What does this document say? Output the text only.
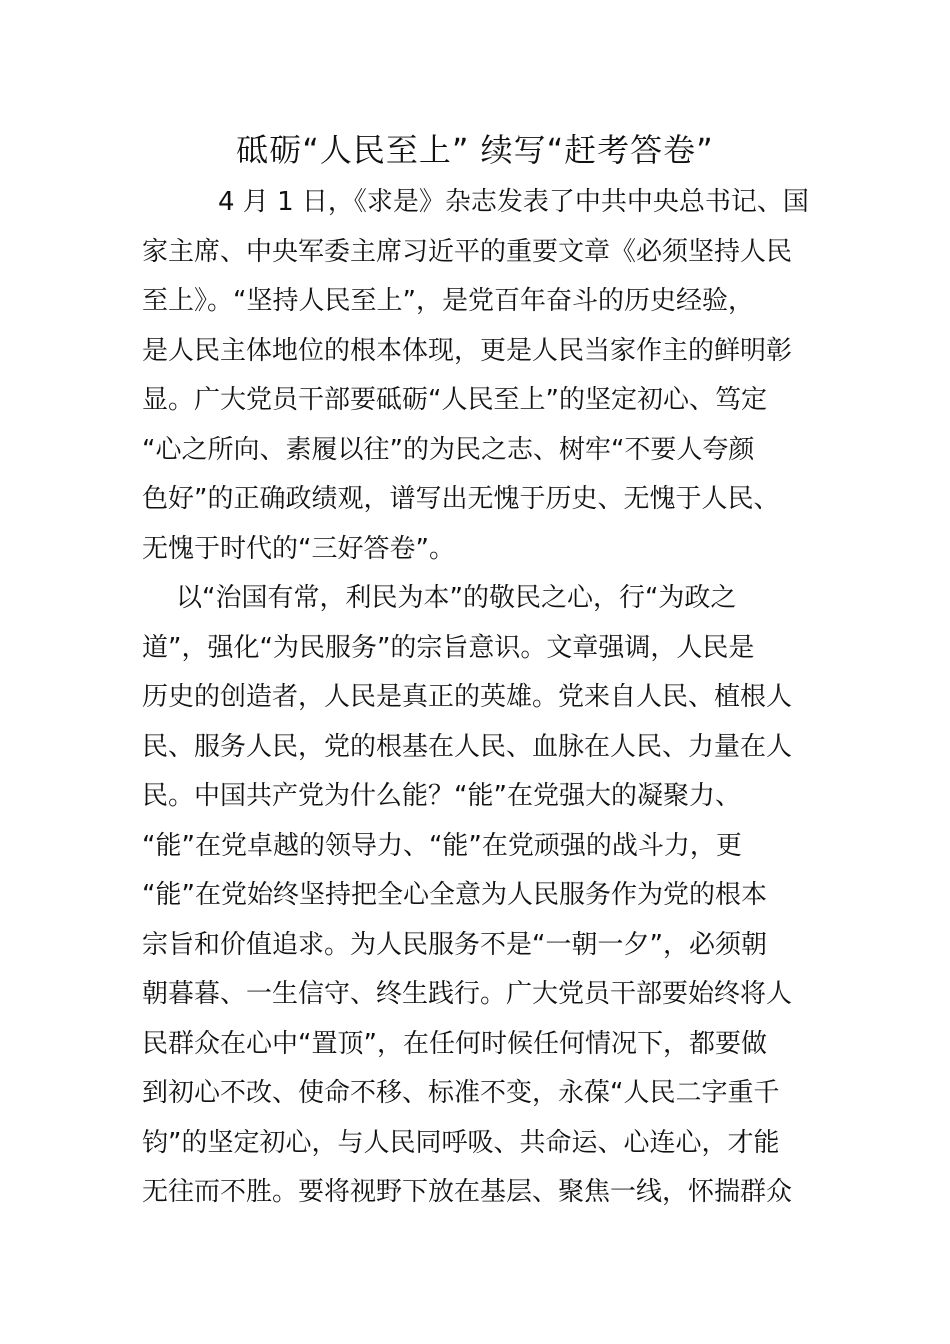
砥砺“人民至上” 续写“赶考答卷”
4 月 1 日，《求是》杂志发表了中共中央总书记、国
家主席、中央军委主席习近平的重要文章《必须坚持人民
至上》。“坚持人民至上”，是党百年奋斗的历史经验，
是人民主体地位的根本体现，更是人民当家作主的鲜明彰
显。广大党员干部要砥砺“人民至上”的坚定初心、笃定
“心之所向、素履以往”的为民之志、树牢“不要人夸颜
色好”的正确政绩观，谱写出无愧于历史、无愧于人民、
无愧于时代的“三好答卷”。
以“治国有常，利民为本”的敬民之心，行“为政之
道”，强化“为民服务”的宗旨意识。文章强调，人民是
历史的创造者，人民是真正的英雄。党来自人民、植根人
民、服务人民，党的根基在人民、血脉在人民、力量在人
民。中国共产党为什么能？“能”在党强大的凝聚力、
“能”在党卓越的领导力、“能”在党顽强的战斗力，更
“能”在党始终坚持把全心全意为人民服务作为党的根本
宗旨和价值追求。为人民服务不是“一朝一夕”，必须朝
朝暮暮、一生信守、终生践行。广大党员干部要始终将人
民群众在心中“置顶”，在任何时候任何情况下，都要做
到初心不改、使命不移、标准不变，永葆“人民二字重千
钧”的坚定初心，与人民同呼吸、共命运、心连心，才能
无往而不胜。要将视野下放在基层、聚焦一线，怀揣群众
